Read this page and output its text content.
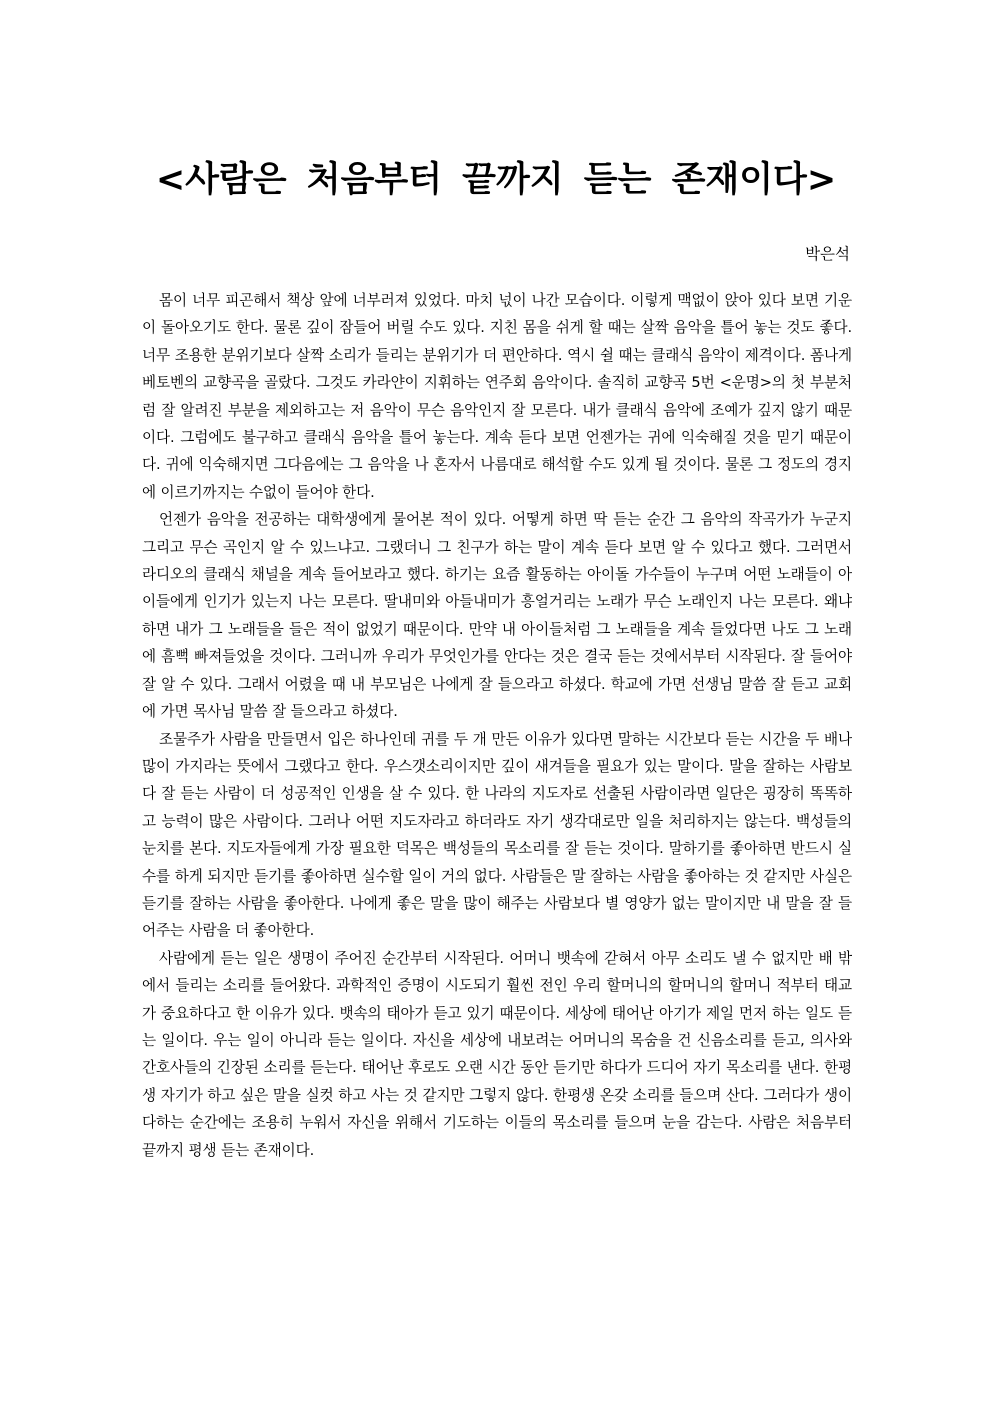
<사람은 처음부터 끝까지 듣는 존재이다>
박은석

몸이 너무 피곤해서 책상 앞에 너부러져 있었다. 마치 넋이 나간 모습이다. 이렇게 맥없이 앉아 있다 보면 기운이 돌아오기도 한다. 물론 깊이 잠들어 버릴 수도 있다. 지친 몸을 쉬게 할 때는 살짝 음악을 틀어 놓는 것도 좋다. 너무 조용한 분위기보다 살짝 소리가 들리는 분위기가 더 편안하다. 역시 쉴 때는 클래식 음악이 제격이다. 폼나게 베토벤의 교향곡을 골랐다. 그것도 카라얀이 지휘하는 연주회 음악이다. 솔직히 교향곡 5번 <운명>의 첫 부분처럼 잘 알려진 부분을 제외하고는 저 음악이 무슨 음악인지 잘 모른다. 내가 클래식 음악에 조예가 깊지 않기 때문이다. 그럼에도 불구하고 클래식 음악을 틀어 놓는다. 계속 듣다 보면 언젠가는 귀에 익숙해질 것을 믿기 때문이다. 귀에 익숙해지면 그다음에는 그 음악을 나 혼자서 나름대로 해석할 수도 있게 될 것이다. 물론 그 정도의 경지에 이르기까지는 수없이 들어야 한다.

언젠가 음악을 전공하는 대학생에게 물어본 적이 있다. 어떻게 하면 딱 듣는 순간 그 음악의 작곡가가 누군지 그리고 무슨 곡인지 알 수 있느냐고. 그랬더니 그 친구가 하는 말이 계속 듣다 보면 알 수 있다고 했다. 그러면서 라디오의 클래식 채널을 계속 들어보라고 했다. 하기는 요즘 활동하는 아이돌 가수들이 누구며 어떤 노래들이 아이들에게 인기가 있는지 나는 모른다. 딸내미와 아들내미가 흥얼거리는 노래가 무슨 노래인지 나는 모른다. 왜냐하면 내가 그 노래들을 들은 적이 없었기 때문이다. 만약 내 아이들처럼 그 노래들을 계속 들었다면 나도 그 노래에 흠뻑 빠져들었을 것이다. 그러니까 우리가 무엇인가를 안다는 것은 결국 듣는 것에서부터 시작된다. 잘 들어야 잘 알 수 있다. 그래서 어렸을 때 내 부모님은 나에게 잘 들으라고 하셨다. 학교에 가면 선생님 말씀 잘 듣고 교회에 가면 목사님 말씀 잘 들으라고 하셨다.

조물주가 사람을 만들면서 입은 하나인데 귀를 두 개 만든 이유가 있다면 말하는 시간보다 듣는 시간을 두 배나 많이 가지라는 뜻에서 그랬다고 한다. 우스갯소리이지만 깊이 새겨들을 필요가 있는 말이다. 말을 잘하는 사람보다 잘 듣는 사람이 더 성공적인 인생을 살 수 있다. 한 나라의 지도자로 선출된 사람이라면 일단은 굉장히 똑똑하고 능력이 많은 사람이다. 그러나 어떤 지도자라고 하더라도 자기 생각대로만 일을 처리하지는 않는다. 백성들의 눈치를 본다. 지도자들에게 가장 필요한 덕목은 백성들의 목소리를 잘 듣는 것이다. 말하기를 좋아하면 반드시 실수를 하게 되지만 듣기를 좋아하면 실수할 일이 거의 없다. 사람들은 말 잘하는 사람을 좋아하는 것 같지만 사실은 듣기를 잘하는 사람을 좋아한다. 나에게 좋은 말을 많이 해주는 사람보다 별 영양가 없는 말이지만 내 말을 잘 들어주는 사람을 더 좋아한다.

사람에게 듣는 일은 생명이 주어진 순간부터 시작된다. 어머니 뱃속에 갇혀서 아무 소리도 낼 수 없지만 배 밖에서 들리는 소리를 들어왔다. 과학적인 증명이 시도되기 훨씬 전인 우리 할머니의 할머니의 할머니 적부터 태교가 중요하다고 한 이유가 있다. 뱃속의 태아가 듣고 있기 때문이다. 세상에 태어난 아기가 제일 먼저 하는 일도 듣는 일이다. 우는 일이 아니라 듣는 일이다. 자신을 세상에 내보려는 어머니의 목숨을 건 신음소리를 듣고, 의사와 간호사들의 긴장된 소리를 듣는다. 태어난 후로도 오랜 시간 동안 듣기만 하다가 드디어 자기 목소리를 낸다. 한평생 자기가 하고 싶은 말을 실컷 하고 사는 것 같지만 그렇지 않다. 한평생 온갖 소리를 들으며 산다. 그러다가 생이 다하는 순간에는 조용히 누워서 자신을 위해서 기도하는 이들의 목소리를 들으며 눈을 감는다. 사람은 처음부터 끝까지 평생 듣는 존재이다.
